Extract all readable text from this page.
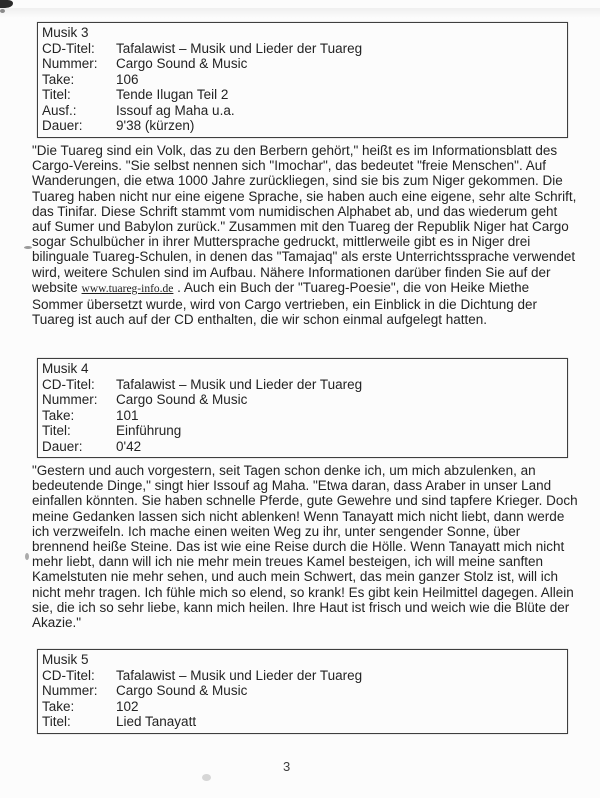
Musik 3
CD-Titel:	Tafalawist – Musik und Lieder der Tuareg
Nummer:	Cargo Sound & Music
Take:	106
Titel:	Tende Ilugan Teil 2
Ausf.:	Issouf ag Maha u.a.
Dauer:	9'38 (kürzen)

"Die Tuareg sind ein Volk, das zu den Berbern gehört," heißt es im Informationsblatt des Cargo-Vereins. "Sie selbst nennen sich "Imochar", das bedeutet "freie Menschen". Auf Wanderungen, die etwa 1000 Jahre zurückliegen, sind sie bis zum Niger gekommen. Die Tuareg haben nicht nur eine eigene Sprache, sie haben auch eine eigene, sehr alte Schrift, das Tinifar. Diese Schrift stammt vom numidischen Alphabet ab, und das wiederum geht auf Sumer und Babylon zurück." Zusammen mit den Tuareg der Republik Niger hat Cargo sogar Schulbücher in ihrer Muttersprache gedruckt, mittlerweile gibt es in Niger drei bilinguale Tuareg-Schulen, in denen das "Tamajaq" als erste Unterrichtssprache verwendet wird, weitere Schulen sind im Aufbau. Nähere Informationen darüber finden Sie auf der website www.tuareg-info.de . Auch ein Buch der "Tuareg-Poesie", die von Heike Miethe Sommer übersetzt wurde, wird von Cargo vertrieben, ein Einblick in die Dichtung der Tuareg ist auch auf der CD enthalten, die wir schon einmal aufgelegt hatten.

Musik 4
CD-Titel:	Tafalawist – Musik und Lieder der Tuareg
Nummer:	Cargo Sound & Music
Take:	101
Titel:	Einführung
Dauer:	0'42

"Gestern und auch vorgestern, seit Tagen schon denke ich, um mich abzulenken, an bedeutende Dinge," singt hier Issouf ag Maha. "Etwa daran, dass Araber in unser Land einfallen könnten. Sie haben schnelle Pferde, gute Gewehre und sind tapfere Krieger. Doch meine Gedanken lassen sich nicht ablenken! Wenn Tanayatt mich nicht liebt, dann werde ich verzweifeln. Ich mache einen weiten Weg zu ihr, unter sengender Sonne, über brennend heiße Steine. Das ist wie eine Reise durch die Hölle. Wenn Tanayatt mich nicht mehr liebt, dann will ich nie mehr mein treues Kamel besteigen, ich will meine sanften Kamelstuten nie mehr sehen, und auch mein Schwert, das mein ganzer Stolz ist, will ich nicht mehr tragen. Ich fühle mich so elend, so krank! Es gibt kein Heilmittel dagegen. Allein sie, die ich so sehr liebe, kann mich heilen. Ihre Haut ist frisch und weich wie die Blüte der Akazie."

Musik 5
CD-Titel:	Tafalawist – Musik und Lieder der Tuareg
Nummer:	Cargo Sound & Music
Take:	102
Titel:	Lied Tanayatt
3
